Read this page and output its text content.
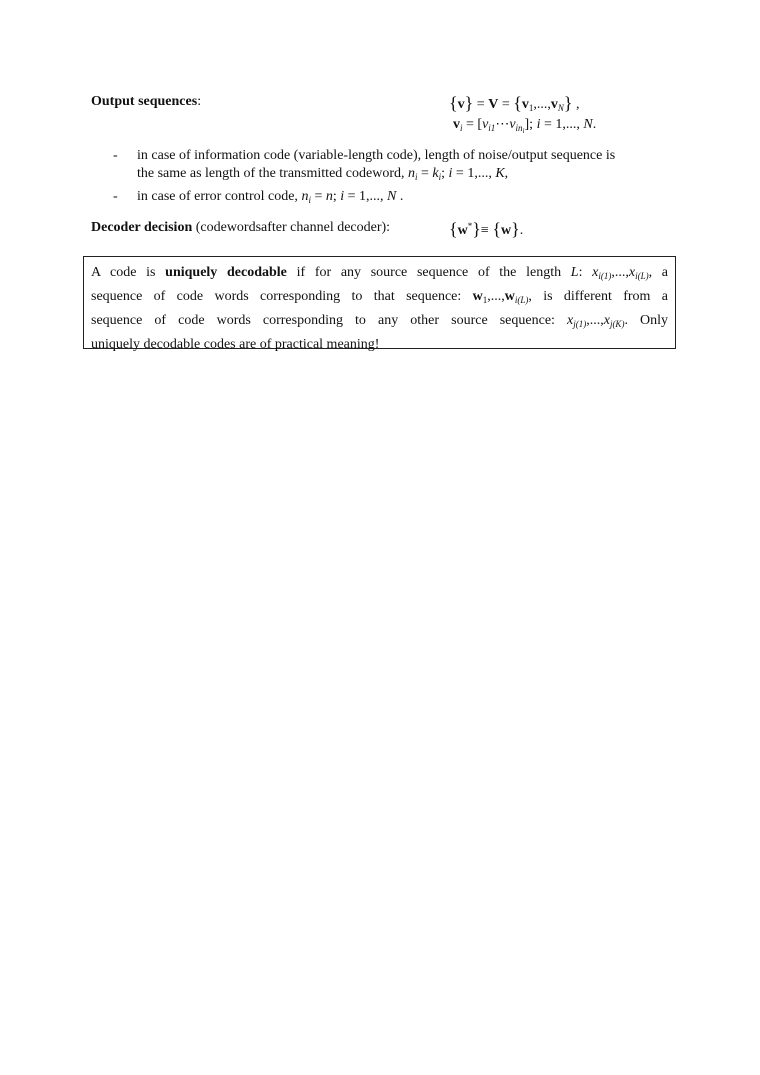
Output sequences:	$\{v\} = V = \{v_1,...,v_N\}$ ,
$v_i$ = $[v_{i1}\cdots v_{ini}]$; i = 1,..., N.
- in case of information code (variable-length code), length of noise/output sequence is
the same as length of the transmitted codeword, $n_i = k_i$; i = 1,..., K,
- in case of error control code, $n_i = n$; i = 1,..., N .
Decoder decision (codewordsafter channel decoder):	{w*}≡ {w}.
A code is uniquely decodable if for any source sequence of the length L: $x_{i(1)},...,x_{i(L)}$, a
sequence of code words corresponding to that sequence: $w_1,...,w_{i(L)}$, is different from a
sequence of code words corresponding to any other source sequence: $x_{j(1)},...,x_{j(K)}$. Only
uniquely decodable codes are of practical meaning!
